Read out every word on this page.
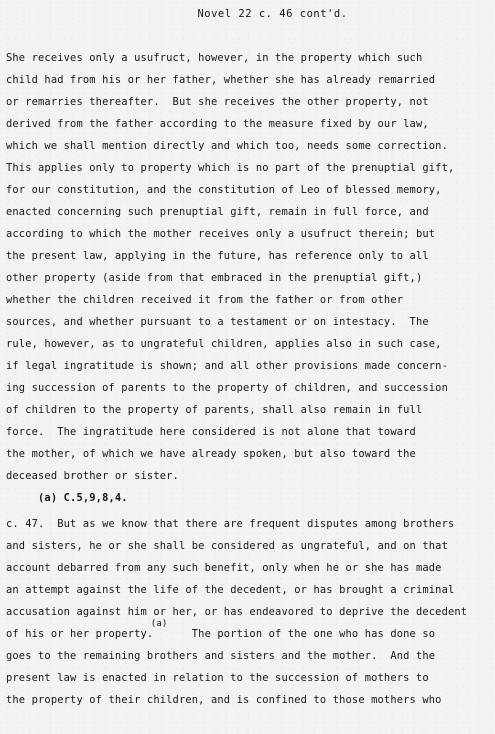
Novel 22 c. 46 cont'd.
She receives only a usufruct, however, in the property which such
child had from his or her father, whether she has already remarried
or remarries thereafter.  But she receives the other property, not
derived from the father according to the measure fixed by our law,
which we shall mention directly and which too, needs some correction.
This applies only to property which is no part of the prenuptial gift,
for our constitution, and the constitution of Leo of blessed memory,
enacted concerning such prenuptial gift, remain in full force, and
according to which the mother receives only a usufruct therein; but
the present law, applying in the future, has reference only to all
other property (aside from that embraced in the prenuptial gift,)
whether the children received it from the father or from other
sources, and whether pursuant to a testament or on intestacy.  The
rule, however, as to ungrateful children, applies also in such case,
if legal ingratitude is shown; and all other provisions made concern-
ing succession of parents to the property of children, and succession
of children to the property of parents, shall also remain in full
force.  The ingratitude here considered is not alone that toward
the mother, of which we have already spoken, but also toward the
deceased brother or sister.
(a) C.5,9,8,4.
c. 47.  But as we know that there are frequent disputes among brothers
and sisters, he or she shall be considered as ungrateful, and on that
account debarred from any such benefit, only when he or she has made
an attempt against the life of the decedent, or has brought a criminal
accusation against him or her, or has endeavored to deprive the decedent
(a)
of his or her property.      The portion of the one who has done so
goes to the remaining brothers and sisters and the mother.  And the
present law is enacted in relation to the succession of mothers to
the property of their children, and is confined to those mothers who
